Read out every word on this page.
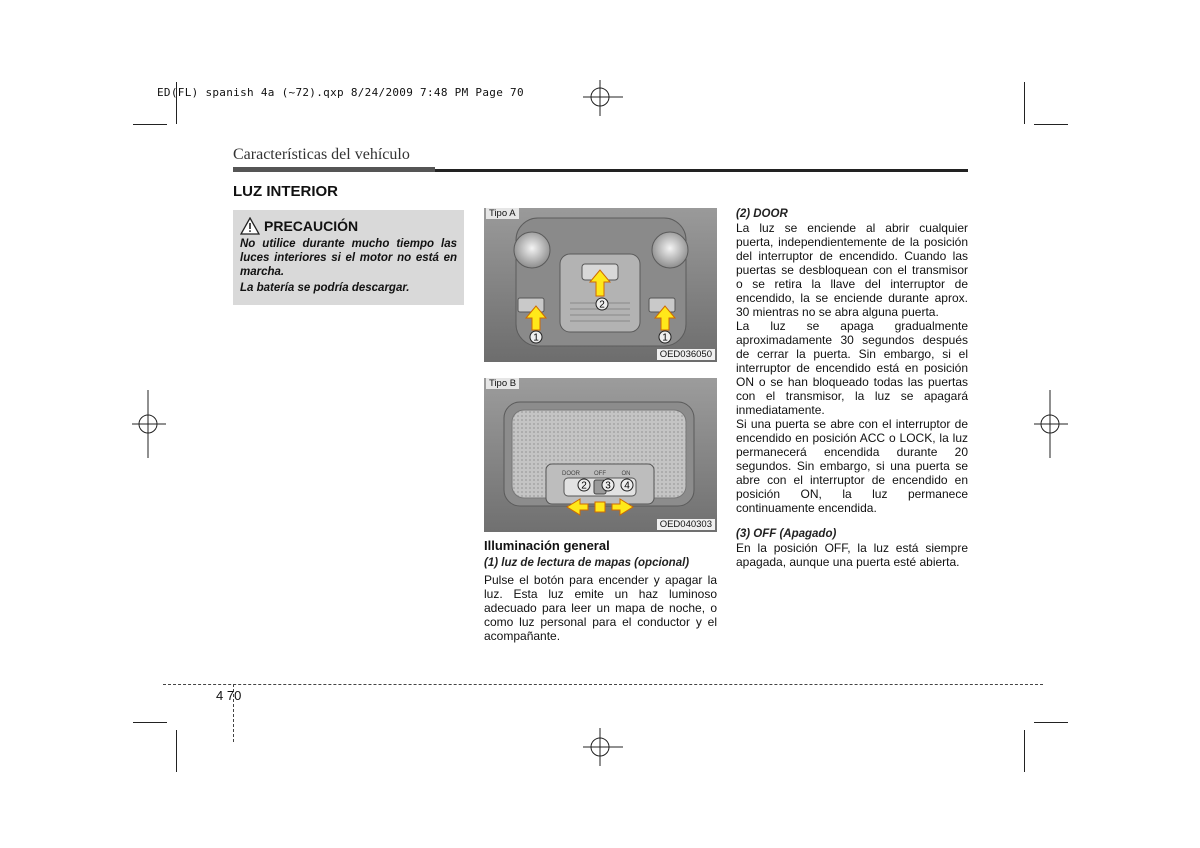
ED(FL) spanish 4a (~72).qxp 8/24/2009 7:48 PM Page 70
Características del vehículo
LUZ INTERIOR
PRECAUCIÓN

No utilice durante mucho tiempo las luces interiores si el motor no está en marcha.

La batería se podría descargar.

2
1	1
Tipo A
OED036050
DOOR OFF	ON
2 3 4
Tipo B
OED040303
Illuminación general
(1) luz de lectura de mapas (opcional)
Pulse el botón para encender y apagar la luz. Esta luz emite un haz luminoso adecuado para leer un mapa de noche, o como luz personal para el conductor y el acompañante.
(2) DOOR

La luz se enciende al abrir cualquier puerta, independientemente de la posición del interruptor de encendido. Cuando las puertas se desbloquean con el transmisor o se retira la llave del interruptor de encendido, la se enciende durante aprox. 30 mientras no se abra alguna puerta.

La luz se apaga gradualmente aproximadamente 30 segundos después de cerrar la puerta. Sin embargo, si el interruptor de encendido está en posición ON o se han bloqueado todas las puertas con el transmisor, la luz se apagará inmediatamente.

Si una puerta se abre con el interruptor de encendido en posición ACC o LOCK, la luz permanecerá encendida durante 20 segundos. Sin embargo, si una puerta se abre con el interruptor de encendido en posición ON, la luz permanece continuamente encendida.

(3) OFF (Apagado)

En la posición OFF, la luz está siempre apagada, aunque una puerta esté abierta.

4 70
